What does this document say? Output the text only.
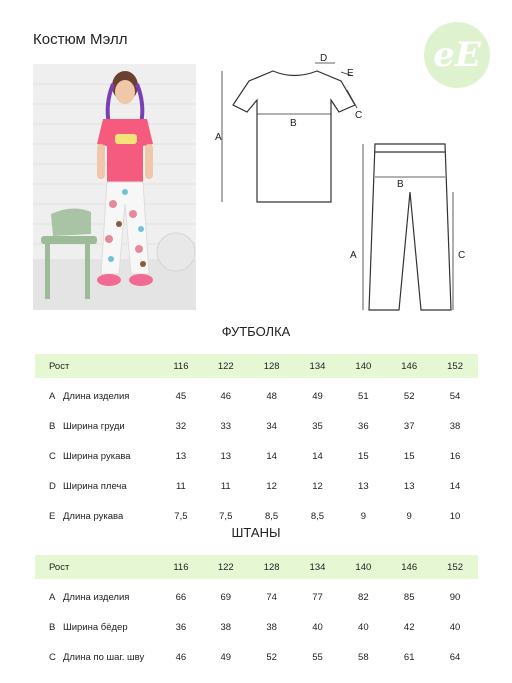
Костюм Мэлл	eE
A
B
C
D
E
A
B
C
ФУТБОЛКА
Рост	116	122	128	134	140	146	152
A Длина изделия	45	46	48	49	51	52	54
B Ширина груди	32	33	34	35	36	37	38
C Ширина рукава	13	13	14	14	15	15	16
D Ширина плеча	11	11	12	12	13	13	14
E Длина рукава	7,5	7,5	8,5	8,5	9	9	10
ШТАНЫ
Рост	116	122	128	134	140	146	152
A Длина изделия	66	69	74	77	82	85	90
B Ширина бёдер	36	38	38	40	40	42	40
C Длина по шаг. шву	46	49	52	55	58	61	64
